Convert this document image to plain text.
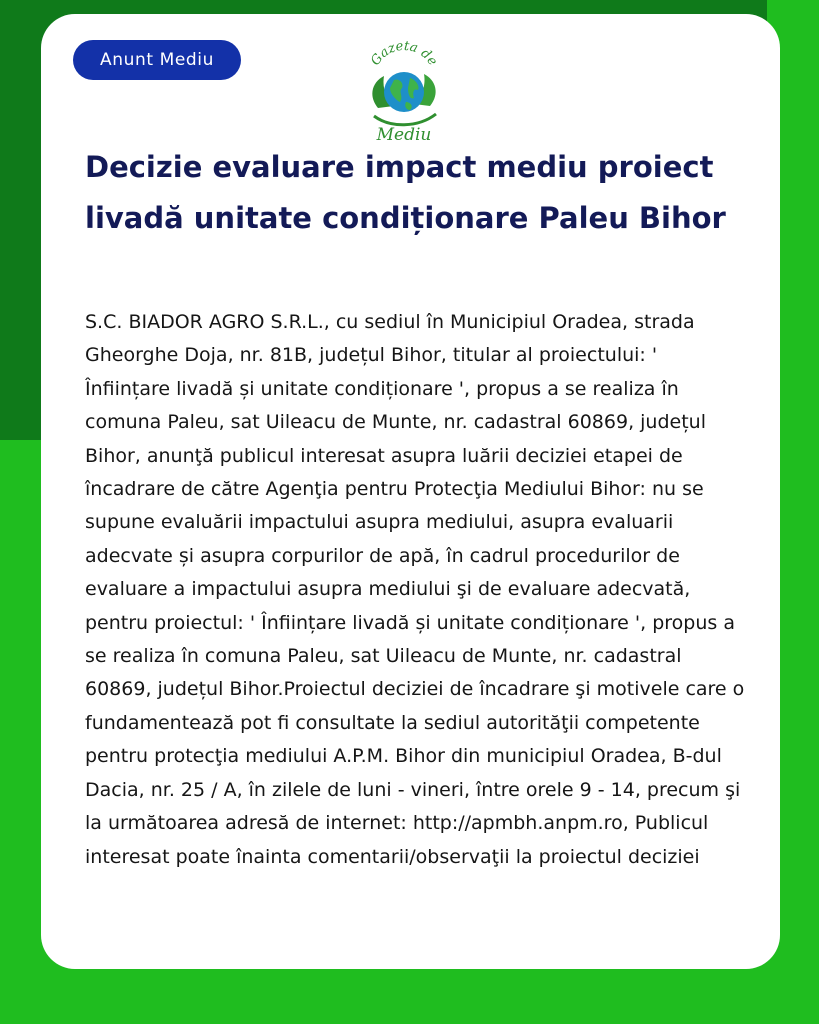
Anunt Mediu	Gazeta de
Mediu
Decizie evaluare impact mediu proiect livadă unitate condiționare Paleu Bihor

S.C. BIADOR AGRO S.R.L., cu sediul în Municipiul Oradea, strada Gheorghe Doja, nr. 81B, județul Bihor, titular al proiectului: ' Înființare livadă și unitate condiționare ', propus a se realiza în comuna Paleu, sat Uileacu de Munte, nr. cadastral 60869, județul Bihor, anunţă publicul interesat asupra luării deciziei etapei de încadrare de către Agenţia pentru Protecţia Mediului Bihor: nu se supune evaluării impactului asupra mediului, asupra evaluarii adecvate și asupra corpurilor de apă, în cadrul procedurilor de evaluare a impactului asupra mediului şi de evaluare adecvată, pentru proiectul: ' Înființare livadă și unitate condiționare ', propus a se realiza în comuna Paleu, sat Uileacu de Munte, nr. cadastral 60869, județul Bihor.Proiectul deciziei de încadrare şi motivele care o fundamentează pot fi consultate la sediul autorităţii competente pentru protecţia mediului A.P.M. Bihor din municipiul Oradea, B-dul Dacia, nr. 25 / A, în zilele de luni - vineri, între orele 9 - 14, precum şi la următoarea adresă de internet: http://apmbh.anpm.ro, Publicul interesat poate înainta comentarii/observaţii la proiectul deciziei
